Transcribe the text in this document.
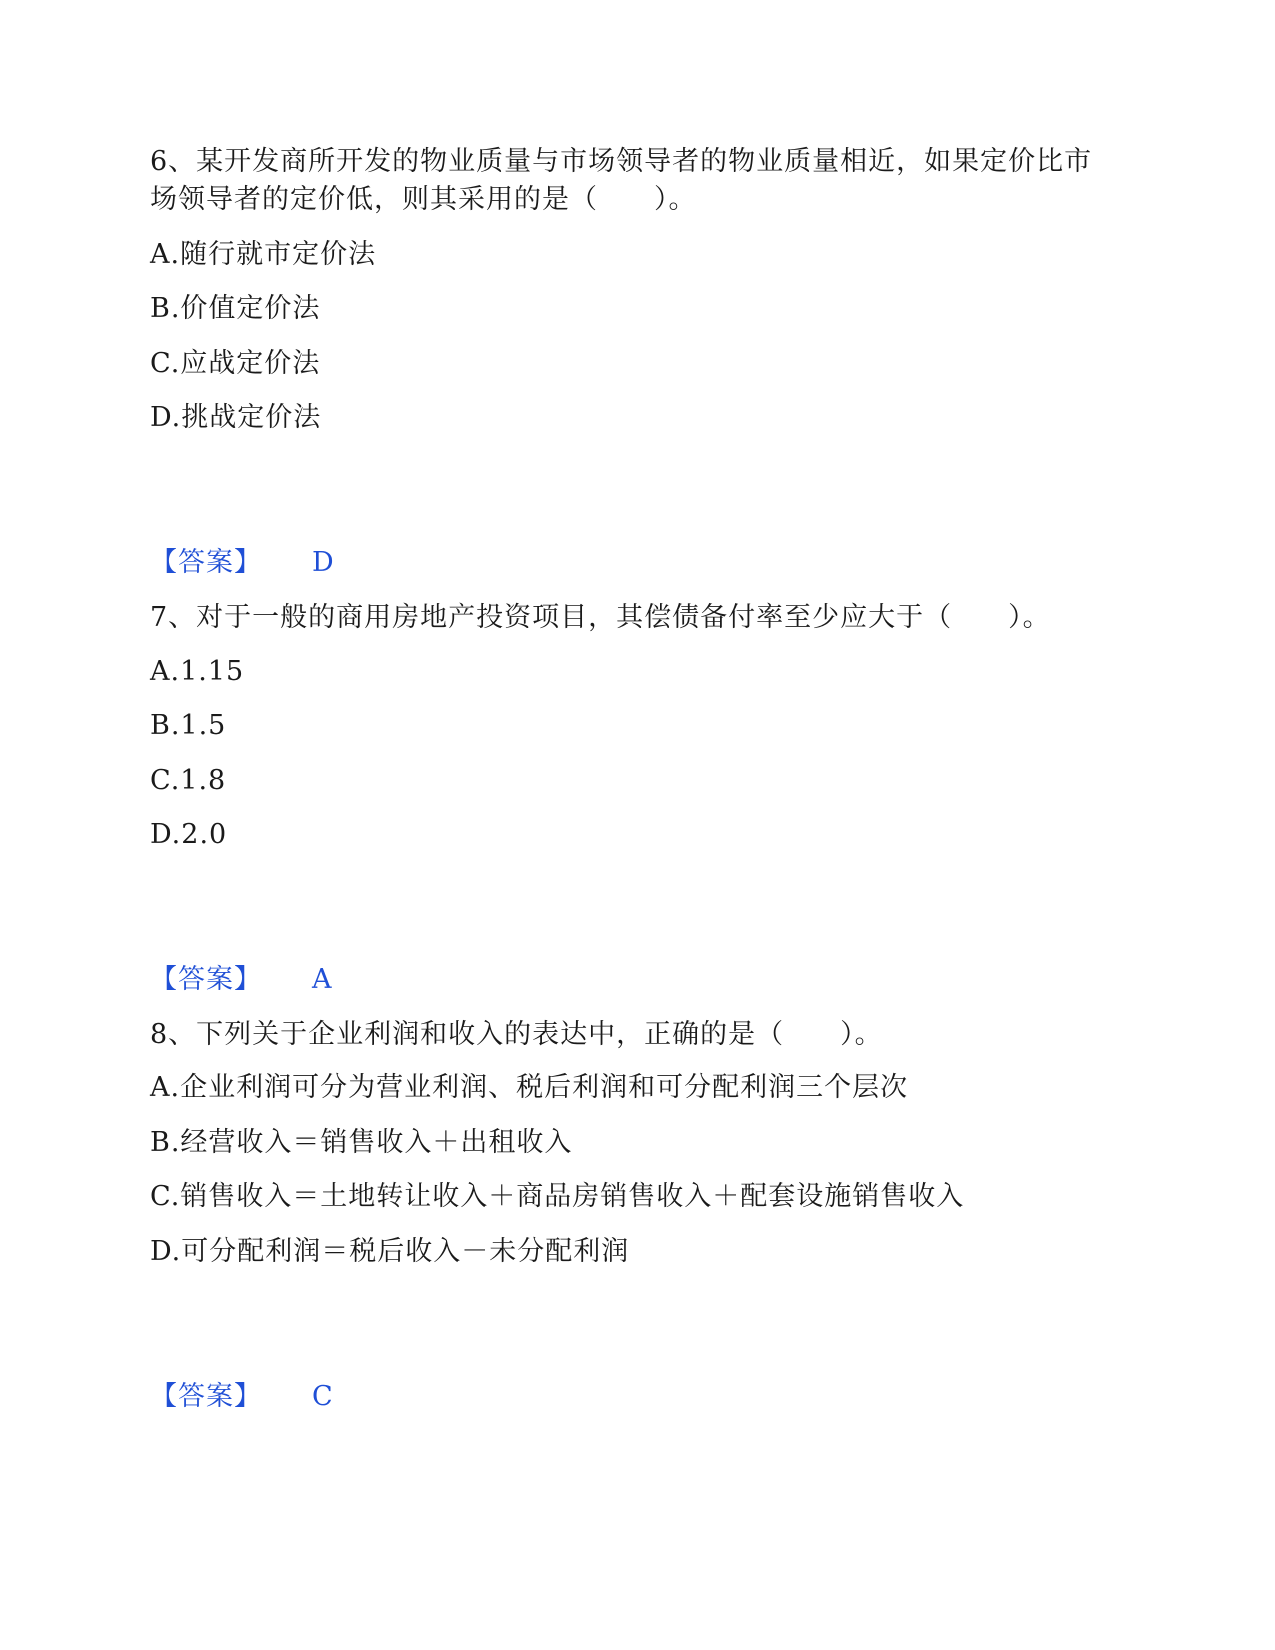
6、某开发商所开发的物业质量与市场领导者的物业质量相近，如果定价比市场领导者的定价低，则其采用的是（　　）。
A.随行就市定价法
B.价值定价法
C.应战定价法
D.挑战定价法
【答案】 D
7、对于一般的商用房地产投资项目，其偿债备付率至少应大于（　　）。
A.1.15
B.1.5
C.1.8
D.2.0
【答案】 A
8、下列关于企业利润和收入的表达中，正确的是（　　）。
A.企业利润可分为营业利润、税后利润和可分配利润三个层次
B.经营收入＝销售收入＋出租收入
C.销售收入＝土地转让收入＋商品房销售收入＋配套设施销售收入
D.可分配利润＝税后收入－未分配利润
【答案】 C
